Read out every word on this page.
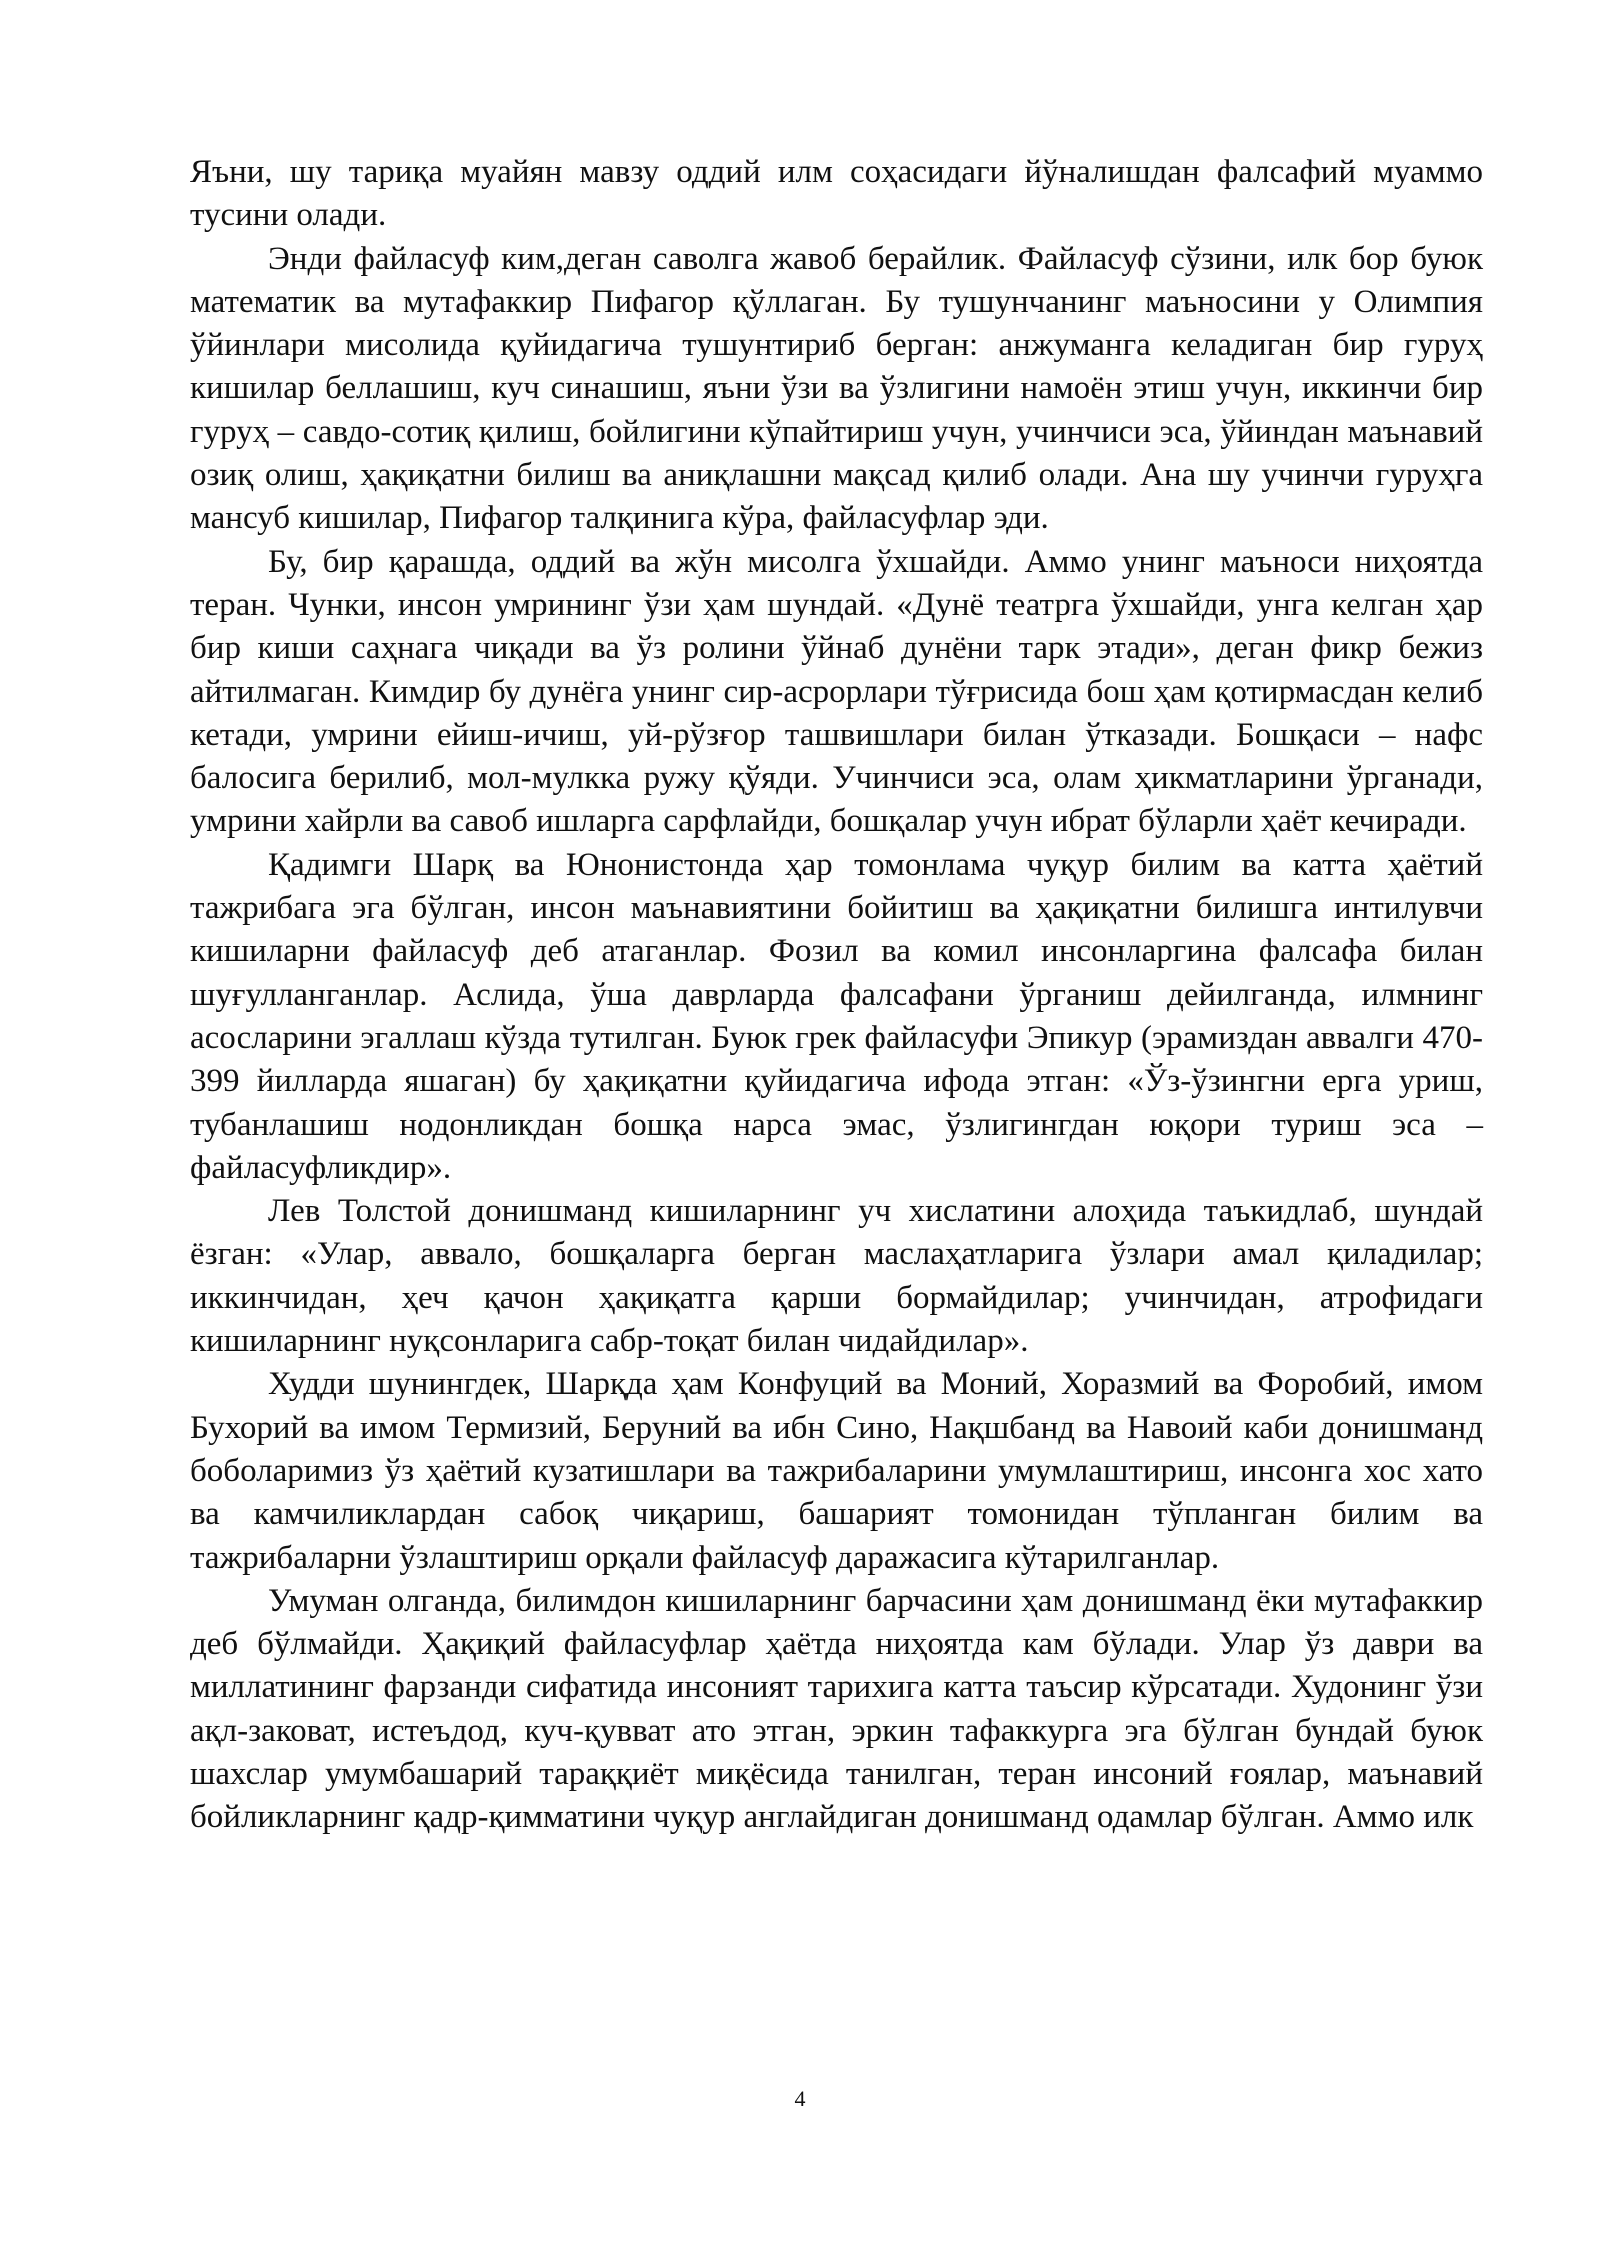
Яъни, шу тариқа муайян мавзу оддий илм соҳасидаги йўналишдан фалсафий муаммо тусини олади.

Энди файласуф ким,деган саволга жавоб берайлик. Файласуф сўзини, илк бор буюк математик ва мутафаккир Пифагор қўллаган. Бу тушунчанинг маъносини у Олимпия ўйинлари мисолида қуйидагича тушунтириб берган: анжуманга келадиган бир гуруҳ кишилар беллашиш, куч синашиш, яъни ўзи ва ўзлигини намоён этиш учун, иккинчи бир гуруҳ – савдо-сотиқ қилиш, бойлигини кўпайтириш учун, учинчиси эса, ўйиндан маънавий озиқ олиш, ҳақиқатни билиш ва аниқлашни мақсад қилиб олади. Ана шу учинчи гуруҳга мансуб кишилар, Пифагор талқинига кўра, файласуфлар эди.

Бу, бир қарашда, оддий ва жўн мисолга ўхшайди. Аммо унинг маъноси ниҳоятда теран. Чунки, инсон умрининг ўзи ҳам шундай. «Дунё театрга ўхшайди, унга келган ҳар бир киши саҳнага чиқади ва ўз ролини ўйнаб дунёни тарк этади», деган фикр бежиз айтилмаган. Кимдир бу дунёга унинг сир-асрорлари тўғрисида бош ҳам қотирмасдан келиб кетади, умрини ейиш-ичиш, уй-рўзғор ташвишлари билан ўтказади. Бошқаси – нафс балосига берилиб, мол-мулкка ружу қўяди. Учинчиси эса, олам ҳикматларини ўрганади, умрини хайрли ва савоб ишларга сарфлайди, бошқалар учун ибрат бўларли ҳаёт кечиради.

Қадимги Шарқ ва Юнонистонда ҳар томонлама чуқур билим ва катта ҳаётий тажрибага эга бўлган, инсон маънавиятини бойитиш ва ҳақиқатни билишга интилувчи кишиларни файласуф деб атаганлар. Фозил ва комил инсонларгина фалсафа билан шуғулланганлар. Аслида, ўша даврларда фалсафани ўрганиш дейилганда, илмнинг асосларини эгаллаш кўзда тутилган. Буюк грек файласуфи Эпикур (эрамиздан аввалги 470-399 йилларда яшаган) бу ҳақиқатни қуйидагича ифода этган: «Ўз-ўзингни ерга уриш, тубанлашиш нодонликдан бошқа нарса эмас, ўзлигингдан юқори туриш эса – файласуфликдир».

Лев Толстой донишманд кишиларнинг уч хислатини алоҳида таъкидлаб, шундай ёзган: «Улар, аввало, бошқаларга берган маслаҳатларига ўзлари амал қиладилар; иккинчидан, ҳеч қачон ҳақиқатга қарши бормайдилар; учинчидан, атрофидаги кишиларнинг нуқсонларига сабр-тоқат билан чидайдилар».

Худди шунингдек, Шарқда ҳам Конфуций ва Моний, Хоразмий ва Форобий, имом Бухорий ва имом Термизий, Беруний ва ибн Сино, Нақшбанд ва Навоий каби донишманд боболаримиз ўз ҳаётий кузатишлари ва тажрибаларини умумлаштириш, инсонга хос хато ва камчиликлардан сабоқ чиқариш, башарият томонидан тўпланган билим ва тажрибаларни ўзлаштириш орқали файласуф даражасига кўтарилганлар.

Умуман олганда, билимдон кишиларнинг барчасини ҳам донишманд ёки мутафаккир деб бўлмайди. Ҳақиқий файласуфлар ҳаётда ниҳоятда кам бўлади. Улар ўз даври ва миллатининг фарзанди сифатида инсоният тарихига катта таъсир кўрсатади. Худонинг ўзи ақл-заковат, истеъдод, куч-қувват ато этган, эркин тафаккурга эга бўлган бундай буюк шахслар умумбашарий тараққиёт миқёсида танилган, теран инсоний ғоялар, маънавий бойликларнинг қадр-қимматини чуқур англайдиган донишманд одамлар бўлган. Аммо илк

4
